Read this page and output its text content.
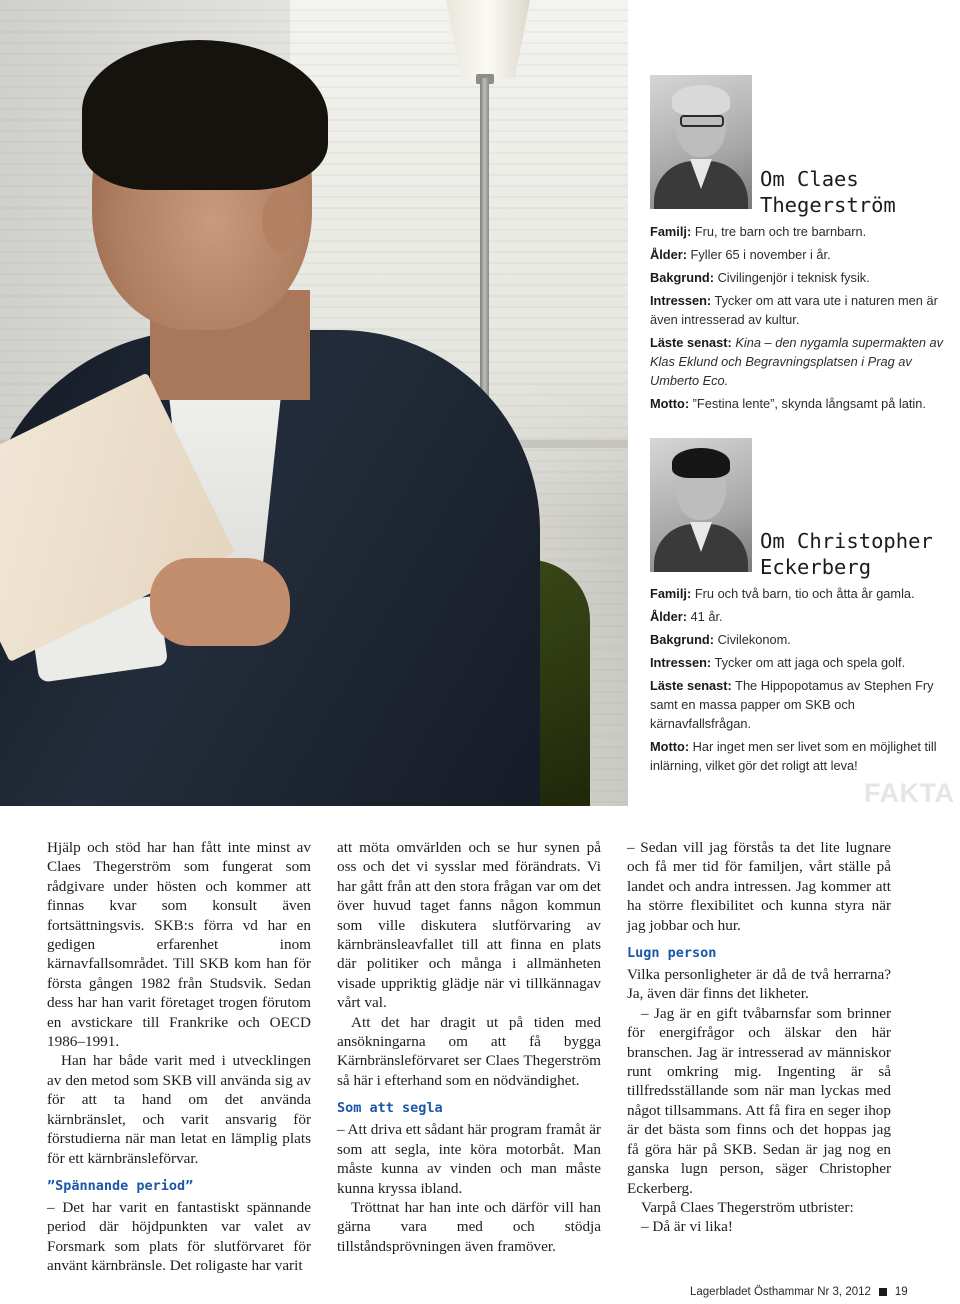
Om Claes Thegerström
Familj: Fru, tre barn och tre barnbarn.
Ålder: Fyller 65 i november i år.
Bakgrund: Civilingenjör i teknisk fysik.
Intressen: Tycker om att vara ute i naturen men är även intresserad av kultur.
Läste senast: Kina – den nygamla supermakten av Klas Eklund och Begravningsplatsen i Prag av Umberto Eco.
Motto: ”Festina lente”, skynda långsamt på latin.
Om Christopher Eckerberg
Familj: Fru och två barn, tio och åtta år gamla.
Ålder: 41 år.
Bakgrund: Civilekonom.
Intressen: Tycker om att jaga och spela golf.
Läste senast: The Hippopotamus av Stephen Fry samt en massa papper om SKB och kärnavfallsfrågan.
Motto: Har inget men ser livet som en möjlighet till inlärning, vilket gör det roligt att leva!
FAKTA

Hjälp och stöd har han fått inte minst av Claes Thegerström som fungerat som rådgivare under hösten och kommer att finnas kvar som konsult även fortsättningsvis. SKB:s förra vd har en gedigen erfarenhet inom kärnavfallsområdet. Till SKB kom han för första gången 1982 från Studsvik. Sedan dess har han varit företaget trogen förutom en avstickare till Frankrike och OECD 1986–1991.

Han har både varit med i utvecklingen av den metod som SKB vill använda sig av för att ta hand om det använda kärnbränslet, och varit ansvarig för förstudierna när man letat en lämplig plats för ett kärnbränsleförvar.

”Spännande period”

– Det har varit en fantastiskt spännande period där höjdpunkten var valet av Forsmark som plats för slutförvaret för använt kärnbränsle. Det roligaste har varit

att möta omvärlden och se hur synen på oss och det vi sysslar med förändrats. Vi har gått från att den stora frågan var om det över huvud taget fanns någon kommun som ville diskutera slutförvaring av kärnbränsleavfallet till att finna en plats där politiker och många i allmänheten visade uppriktig glädje när vi tillkännagav vårt val.

Att det har dragit ut på tiden med ansökningarna om att få bygga Kärnbränsleförvaret ser Claes Thegerström så här i efterhand som en nödvändighet.

Som att segla

– Att driva ett sådant här program framåt är som att segla, inte köra motorbåt. Man måste kunna av vinden och man måste kunna kryssa ibland.

Tröttnat har han inte och därför vill han gärna vara med och stödja tillståndsprövningen även framöver.

– Sedan vill jag förstås ta det lite lugnare och få mer tid för familjen, vårt ställe på landet och andra intressen. Jag kommer att ha större flexibilitet och kunna styra när jag jobbar och hur.

Lugn person

Vilka personligheter är då de två herrarna? Ja, även där finns det likheter.

– Jag är en gift tvåbarnsfar som brinner för energifrågor och älskar den här branschen. Jag är intresserad av människor runt omkring mig. Ingenting är så tillfredsställande som när man lyckas med något tillsammans. Att få fira en seger ihop är det bästa som finns och det hoppas jag få göra här på SKB. Sedan är jag nog en ganska lugn person, säger Christopher Eckerberg.

Varpå Claes Thegerström utbrister:

– Då är vi lika!

Lagerbladet Östhammar Nr 3, 2012 19
